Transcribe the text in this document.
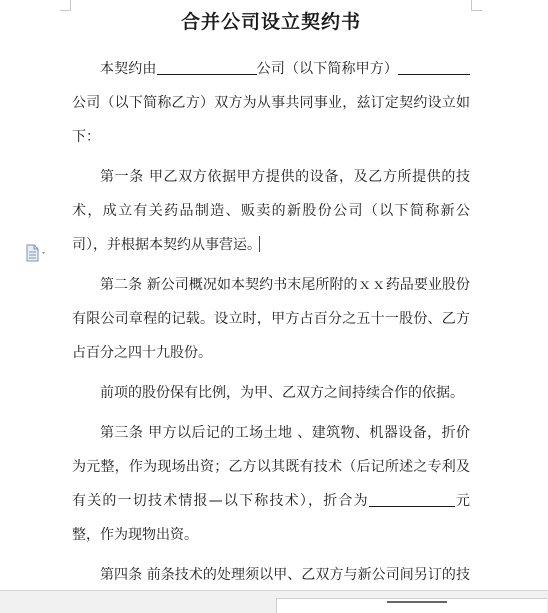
合并公司设立契约书

本契约由	公司（以下简称甲方）公司（以下简称乙方）双方为从事共同事业，兹订定契约设立如下：

第一条 甲乙双方依据甲方提供的设备，及乙方所提供的技术，成立有关药品制造、贩卖的新股份公司（以下简称新公司），并根据本契约从事营运。

第二条 新公司概况如本契约书末尾所附的ｘｘ药品要业股份有限公司章程的记载。设立时，甲方占百分之五十一股份、乙方占百分之四十九股份。

前项的股份保有比例，为甲、乙双方之间持续合作的依据。

第三条 甲方以后记的工场土地 、建筑物、机器设备，折价为元整，作为现场出资；乙方以其既有技术（后记所述之专利及有关的一切技术情报—以下称技术），折合为	元整，作为现物出资。

第四条 前条技术的处理须以甲、乙双方与新公司间另订的技
